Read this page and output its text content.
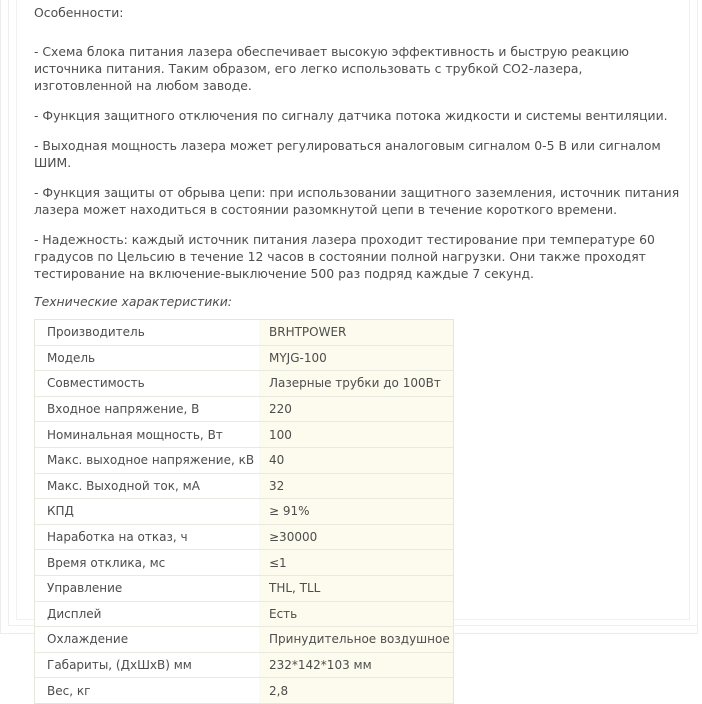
Особенности:

- Схема блока питания лазера обеспечивает высокую эффективность и быструю реакцию источника питания. Таким образом, его легко использовать с трубкой СО2-лазера, изготовленной на любом заводе.

- Функция защитного отключения по сигналу датчика потока жидкости и системы вентиляции.

- Выходная мощность лазера может регулироваться аналоговым сигналом 0-5 В или сигналом ШИМ.

- Функция защиты от обрыва цепи: при использовании защитного заземления, источник питания лазера может находиться в состоянии разомкнутой цепи в течение короткого времени.

- Надежность: каждый источник питания лазера проходит тестирование при температуре 60 градусов по Цельсию в течение 12 часов в состоянии полной нагрузки. Они также проходят тестирование на включение-выключение 500 раз подряд каждые 7 секунд.

Технические характеристики:

Производитель	BRHTPOWER
Модель	MYJG-100
Совместимость	Лазерные трубки до 100Вт
Входное напряжение, В	220
Номинальная мощность, Вт	100
Макс. выходное напряжение, кВ	40
Макс. Выходной ток, мА	32
КПД	≥ 91%
Наработка на отказ, ч	≥30000
Время отклика, мс	≤1
Управление	THL, TLL
Дисплей	Есть
Охлаждение	Принудительное воздушное
Габариты, (ДхШхВ) мм	232*142*103 мм
Вес, кг	2,8
